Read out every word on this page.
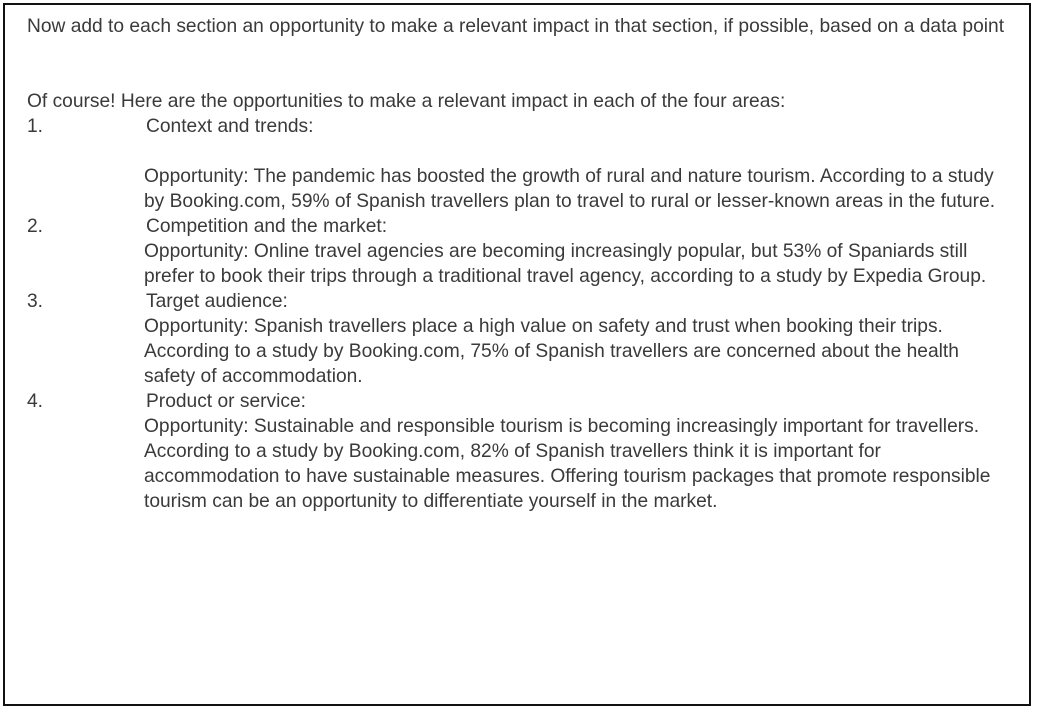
Now add to each section an opportunity to make a relevant impact in that section, if possible, based on a data point

Of course! Here are the opportunities to make a relevant impact in each of the four areas:

1.	Context and trends:
Opportunity: The pandemic has boosted the growth of rural and nature tourism. According to a study by Booking.com, 59% of Spanish travellers plan to travel to rural or lesser-known areas in the future.
2.	Competition and the market:
Opportunity: Online travel agencies are becoming increasingly popular, but 53% of Spaniards still prefer to book their trips through a traditional travel agency, according to a study by Expedia Group.
3.	Target audience:
Opportunity: Spanish travellers place a high value on safety and trust when booking their trips. According to a study by Booking.com, 75% of Spanish travellers are concerned about the health safety of accommodation.
4.	Product or service:
Opportunity: Sustainable and responsible tourism is becoming increasingly important for travellers. According to a study by Booking.com, 82% of Spanish travellers think it is important for accommodation to have sustainable measures. Offering tourism packages that promote responsible tourism can be an opportunity to differentiate yourself in the market.
